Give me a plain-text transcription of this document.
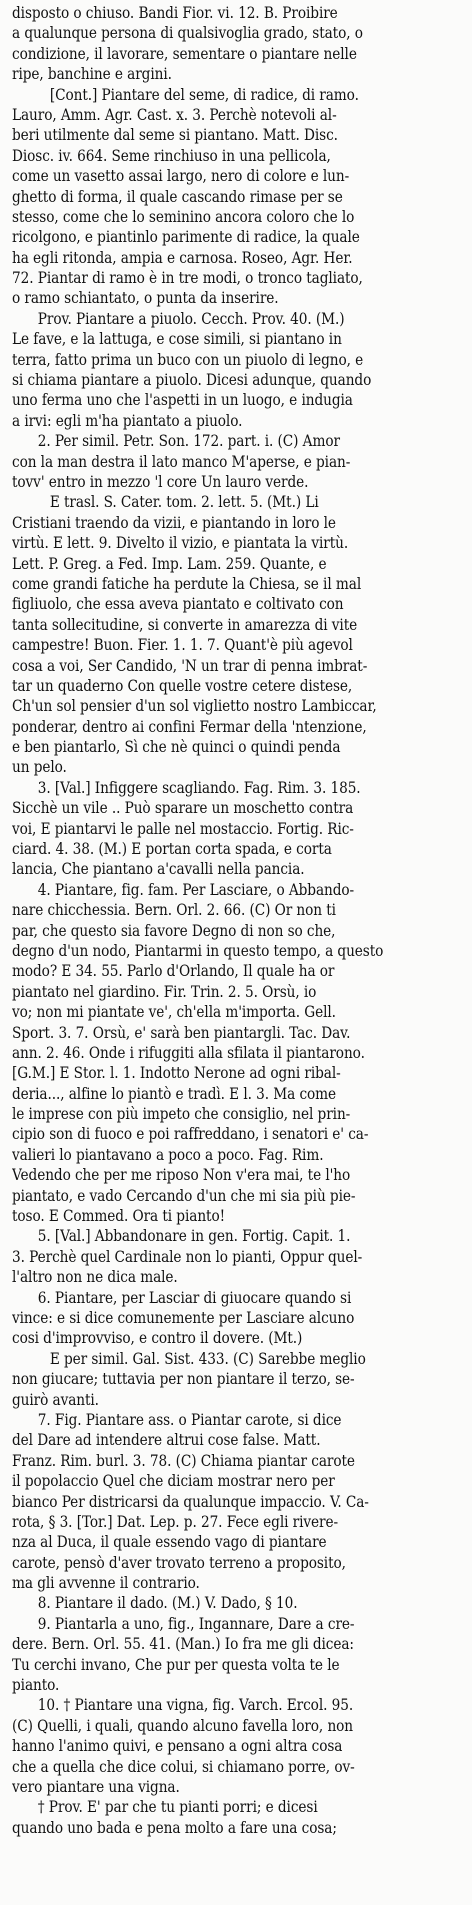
disposto o chiuso. Bandi Fior. vi. 12. B. Proibire
a qualunque persona di qualsivoglia grado, stato, o
condizione, il lavorare, sementare o piantare nelle
ripe, banchine e argini.
[Cont.] Piantare del seme, di radice, di ramo.
Lauro, Amm. Agr. Cast. x. 3. Perchè notevoli al-
beri utilmente dal seme si piantano. Matt. Disc.
Diosc. iv. 664. Seme rinchiuso in una pellicola,
come un vasetto assai largo, nero di colore e lun-
ghetto di forma, il quale cascando rimase per se
stesso, come che lo seminino ancora coloro che lo
ricolgono, e piantinlo parimente di radice, la quale
ha egli ritonda, ampia e carnosa. Roseo, Agr. Her.
72. Piantar di ramo è in tre modi, o tronco tagliato,
o ramo schiantato, o punta da inserire.
Prov. Piantare a piuolo. Cecch. Prov. 40. (M.)
Le fave, e la lattuga, e cose simili, si piantano in
terra, fatto prima un buco con un piuolo di legno, e
si chiama piantare a piuolo. Dicesi adunque, quando
uno ferma uno che l'aspetti in un luogo, e indugia
a irvi: egli m'ha piantato a piuolo.
2. Per simil. Petr. Son. 172. part. i. (C) Amor
con la man destra il lato manco M'aperse, e pian-
tovv' entro in mezzo 'l core Un lauro verde.
E trasl. S. Cater. tom. 2. lett. 5. (Mt.) Li
Cristiani traendo da vizii, e piantando in loro le
virtù. E lett. 9. Divelto il vizio, e piantata la virtù.
Lett. P. Greg. a Fed. Imp. Lam. 259. Quante, e
come grandi fatiche ha perdute la Chiesa, se il mal
figliuolo, che essa aveva piantato e coltivato con
tanta sollecitudine, si converte in amarezza di vite
campestre! Buon. Fier. 1. 1. 7. Quant'è più agevol
cosa a voi, Ser Candido, 'N un trar di penna imbrat-
tar un quaderno Con quelle vostre cetere distese,
Ch'un sol pensier d'un sol viglietto nostro Lambiccar,
ponderar, dentro ai confini Fermar della 'ntenzione,
e ben piantarlo, Sì che nè quinci o quindi penda
un pelo.
3. [Val.] Infiggere scagliando. Fag. Rim. 3. 185.
Sicchè un vile .. Può sparare un moschetto contra
voi, E piantarvi le palle nel mostaccio. Fortig. Ric-
ciard. 4. 38. (M.) E portan corta spada, e corta
lancia, Che piantano a'cavalli nella pancia.
4. Piantare, fig. fam. Per Lasciare, o Abbando-
nare chicchessia. Bern. Orl. 2. 66. (C) Or non ti
par, che questo sia favore Degno di non so che,
degno d'un nodo, Piantarmi in questo tempo, a questo
modo? E 34. 55. Parlo d'Orlando, Il quale ha or
piantato nel giardino. Fir. Trin. 2. 5. Orsù, io
vo; non mi piantate ve', ch'ella m'importa. Gell.
Sport. 3. 7. Orsù, e' sarà ben piantargli. Tac. Dav.
ann. 2. 46. Onde i rifuggiti alla sfilata il piantarono.
[G.M.] E Stor. l. 1. Indotto Nerone ad ogni ribal-
deria..., alfine lo piantò e tradì. E l. 3. Ma come
le imprese con più impeto che consiglio, nel prin-
cipio son di fuoco e poi raffreddano, i senatori e' ca-
valieri lo piantavano a poco a poco. Fag. Rim.
Vedendo che per me riposo Non v'era mai, te l'ho
piantato, e vado Cercando d'un che mi sia più pie-
toso. E Commed. Ora ti pianto!
5. [Val.] Abbandonare in gen. Fortig. Capit. 1.
3. Perchè quel Cardinale non lo pianti, Oppur quel-
l'altro non ne dica male.
6. Piantare, per Lasciar di giuocare quando si
vince: e si dice comunemente per Lasciare alcuno
cosi d'improvviso, e contro il dovere. (Mt.)
E per simil. Gal. Sist. 433. (C) Sarebbe meglio
non giucare; tuttavia per non piantare il terzo, se-
guirò avanti.
7. Fig. Piantare ass. o Piantar carote, si dice
del Dare ad intendere altrui cose false. Matt.
Franz. Rim. burl. 3. 78. (C) Chiama piantar carote
il popolaccio Quel che diciam mostrar nero per
bianco Per districarsi da qualunque impaccio. V. Ca-
rota, § 3. [Tor.] Dat. Lep. p. 27. Fece egli rivere-
nza al Duca, il quale essendo vago di piantare
carote, pensò d'aver trovato terreno a proposito,
ma gli avvenne il contrario.
8. Piantare il dado. (M.) V. Dado, § 10.
9. Piantarla a uno, fig., Ingannare, Dare a cre-
dere. Bern. Orl. 55. 41. (Man.) Io fra me gli dicea:
Tu cerchi invano, Che pur per questa volta te le
pianto.
10. † Piantare una vigna, fig. Varch. Ercol. 95.
(C) Quelli, i quali, quando alcuno favella loro, non
hanno l'animo quivi, e pensano a ogni altra cosa
che a quella che dice colui, si chiamano porre, ov-
vero piantare una vigna.
† Prov. E' par che tu pianti porri; e dicesi
quando uno bada e pena molto a fare una cosa;
